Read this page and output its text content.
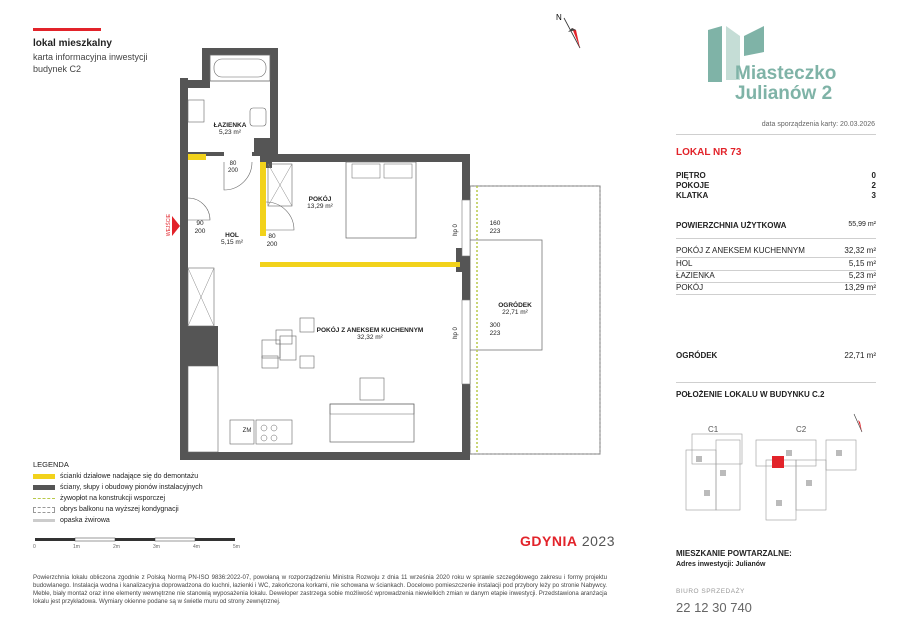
lokal mieszkalny
karta informacyjna inwestycji
budynek C2
N
ŁAZIENKA
5,23 m²
POKÓJ
13,29 m²
HOL
5,15 m²
POKÓJ Z ANEKSEM KUCHENNYM
32,32 m²
OGRÓDEK
22,71 m²
80
200
90
200
80
200
160
223
300
223
hp 0
hp 0
WEJŚCIE
ZM
Miasteczko
Julianów 2
data sporządzenia karty: 20.03.2026
LOKAL NR 73
PIĘTRO	0
POKOJE	2
KLATKA	3
POWIERZCHNIA UŻYTKOWA	55,99 m²
POKÓJ Z ANEKSEM KUCHENNYM	32,32 m²
HOL	5,15 m²
ŁAZIENKA	5,23 m²
POKÓJ	13,29 m²
OGRÓDEK	22,71 m²
POŁOŻENIE LOKALU W BUDYNKU C.2
C1	C2
MIESZKANIE POWTARZALNE:
Adres inwestycji: Julianów
BIURO SPRZEDAŻY
22 12 30 740
LEGENDA
ścianki działowe nadające się do demontażu
ściany, słupy i obudowy pionów instalacyjnych
żywopłot na konstrukcji wsporczej
obrys balkonu na wyższej kondygnacji
opaska żwirowa
0	1m	2m	3m	4m	5m	GDYNIA 2023
Powierzchnia lokalu obliczona zgodnie z Polską Normą PN-ISO 9836:2022-07, powołaną w rozporządzeniu Ministra Rozwoju z dnia 11 września 2020 roku w sprawie szczegółowego zakresu i formy projektu budowlanego. Instalacja wodna i kanalizacyjna doprowadzona do kuchni, łazienki i WC, zakończona korkami, nie schowana w ściankach. Docelowo pomieszczenie instalacji pod przybory leży po stronie Nabywcy. Meble, biały montaż oraz inne elementy wewnętrzne nie stanowią wyposażenia lokalu. Deweloper zastrzega sobie możliwość wprowadzenia niewielkich zmian w danym etapie inwestycji. Przedstawiona aranżacja lokalu jest przykładowa. Wymiary okienne podane są w świetle muru od strony zewnętrznej.
